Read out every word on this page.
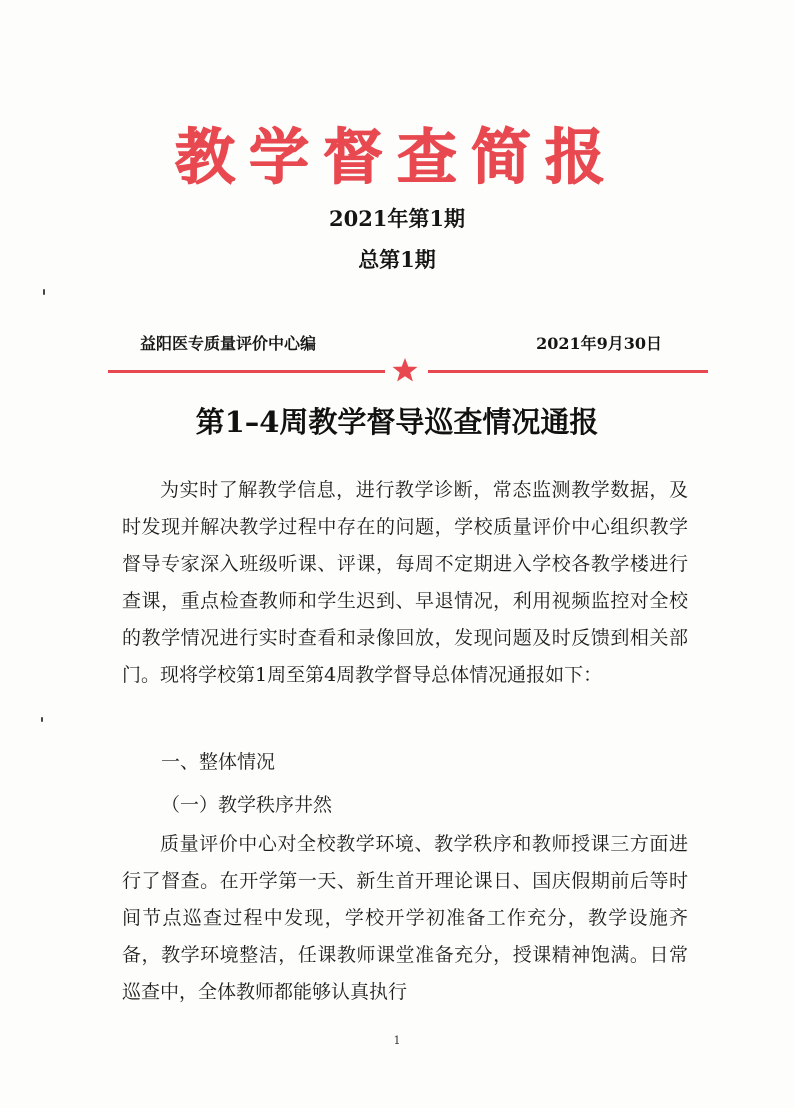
教学督查简报
2021年第1期
总第1期
益阳医专质量评价中心编	2021年9月30日
第1–4周教学督导巡查情况通报
为实时了解教学信息，进行教学诊断，常态监测教学数据，及时发现并解决教学过程中存在的问题，学校质量评价中心组织教学督导专家深入班级听课、评课，每周不定期进入学校各教学楼进行查课，重点检查教师和学生迟到、早退情况，利用视频监控对全校的教学情况进行实时查看和录像回放，发现问题及时反馈到相关部门。现将学校第1周至第4周教学督导总体情况通报如下：
一、整体情况
（一）教学秩序井然
质量评价中心对全校教学环境、教学秩序和教师授课三方面进行了督查。在开学第一天、新生首开理论课日、国庆假期前后等时间节点巡查过程中发现，学校开学初准备工作充分，教学设施齐备，教学环境整洁，任课教师课堂准备充分，授课精神饱满。日常巡查中，全体教师都能够认真执行
1
